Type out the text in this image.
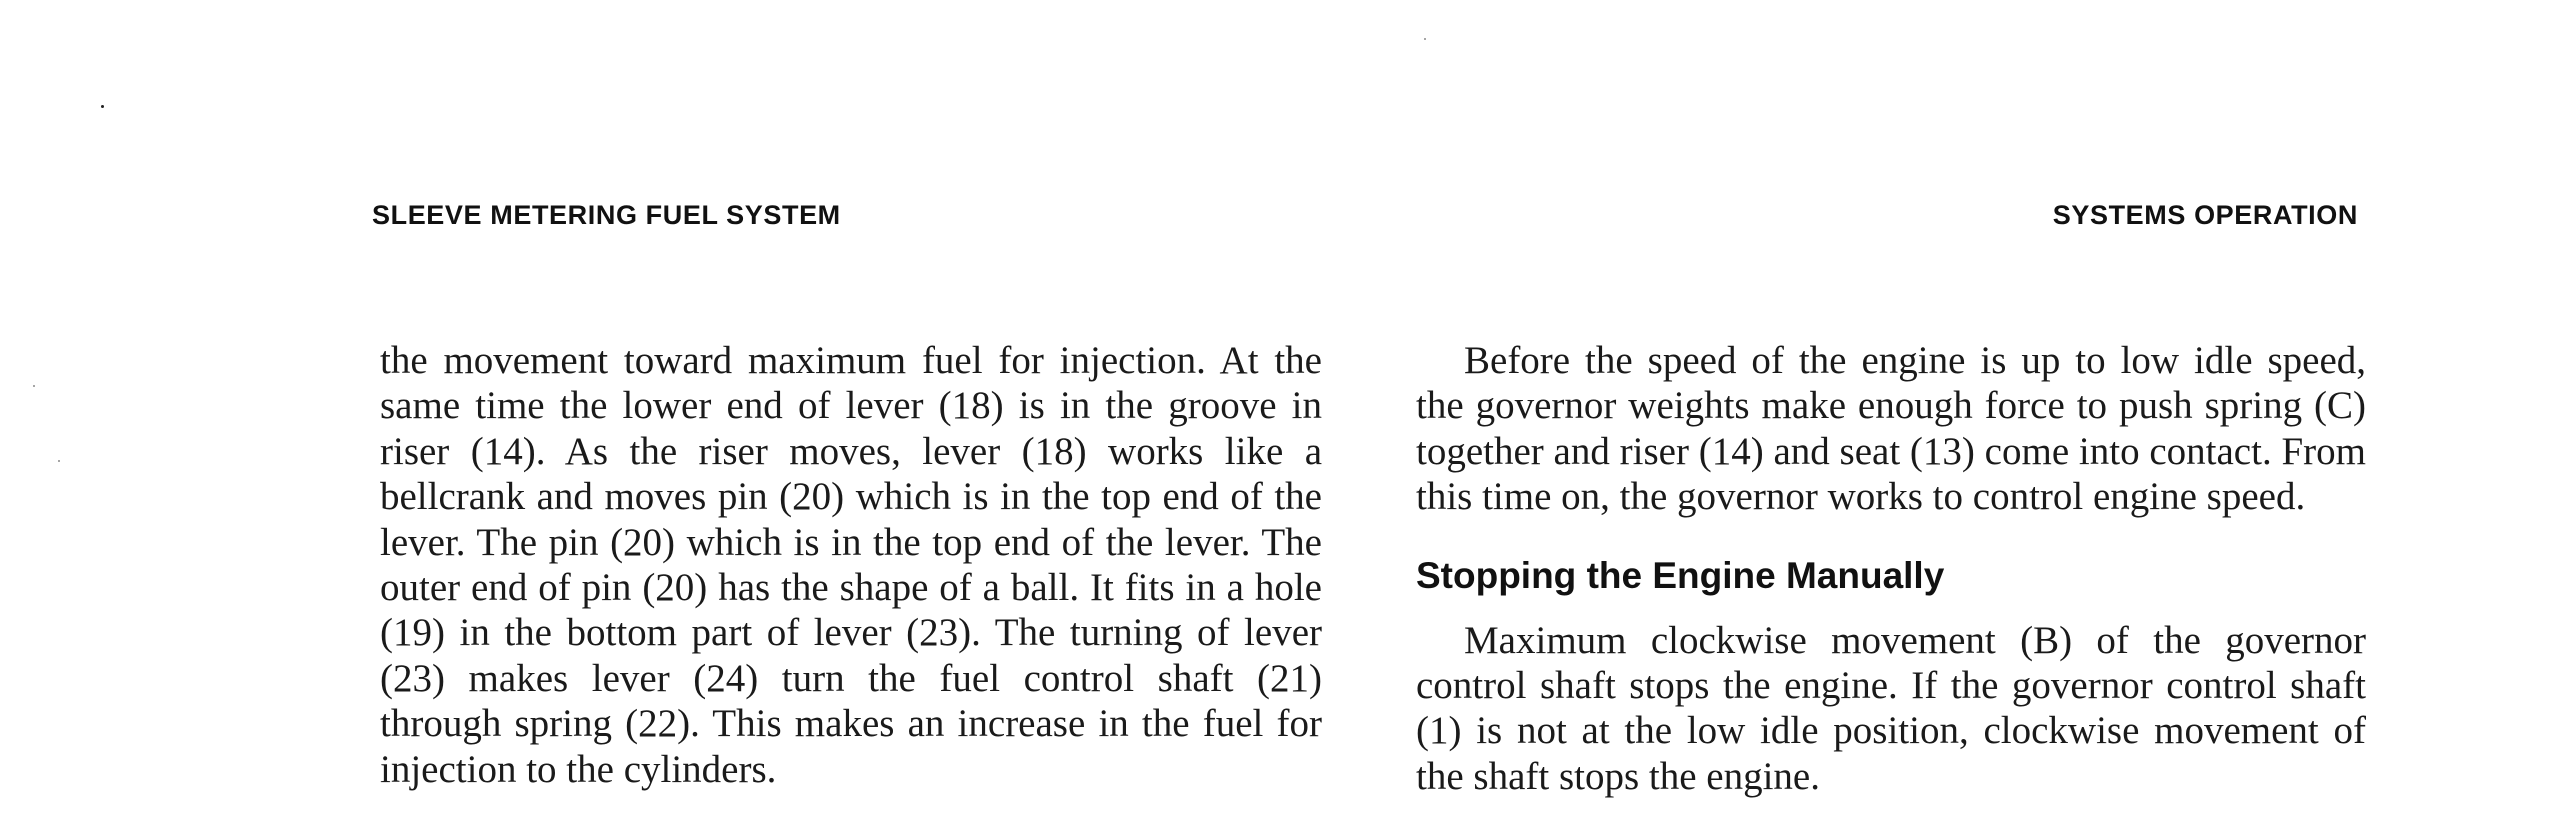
SLEEVE METERING FUEL SYSTEM	SYSTEMS OPERATION

the movement toward maximum fuel for injection. At the same time the lower end of lever (18) is in the groove in riser (14). As the riser moves, lever (18) works like a bellcrank and moves pin (20) which is in the top end of the lever. The pin (20) which is in the top end of the lever. The outer end of pin (20) has the shape of a ball. It fits in a hole (19) in the bottom part of lever (23). The turning of lever (23) makes lever (24) turn the fuel control shaft (21) through spring (22). This makes an increase in the fuel for injection to the cylinders.

Before the speed of the engine is up to low idle speed, the governor weights make enough force to push spring (C) together and riser (14) and seat (13) come into contact. From this time on, the governor works to control engine speed.

Stopping the Engine Manually

Maximum clockwise movement (B) of the governor control shaft stops the engine. If the governor control shaft (1) is not at the low idle position, clockwise movement of the shaft stops the engine.
